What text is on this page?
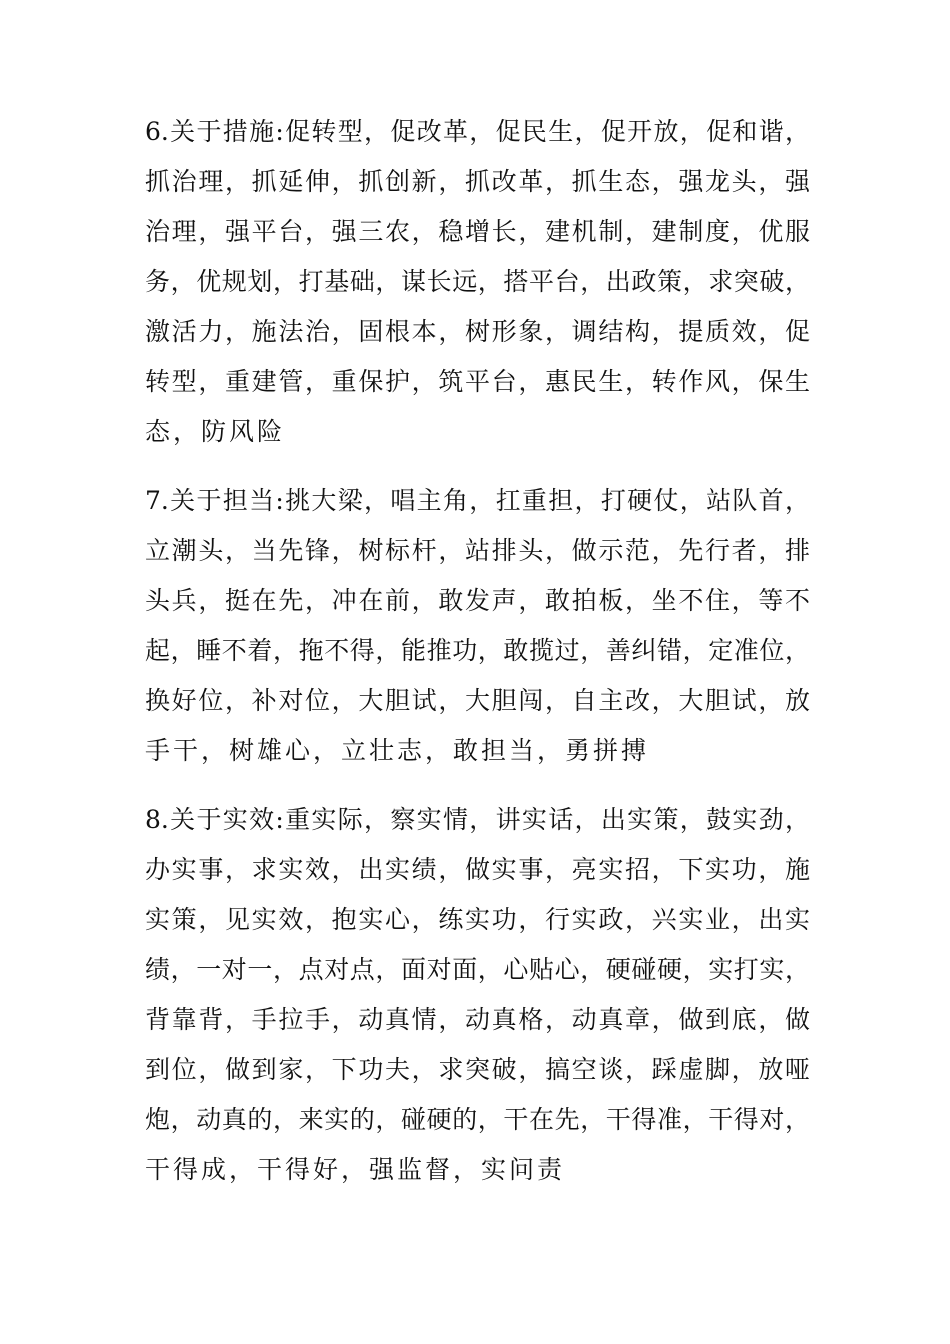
6.关于措施:促转型，促改革，促民生，促开放，促和谐，
抓治理，抓延伸，抓创新，抓改革，抓生态，强龙头，强
治理，强平台，强三农，稳增长，建机制，建制度，优服
务，优规划，打基础，谋长远，搭平台，出政策，求突破，
激活力，施法治，固根本，树形象，调结构，提质效，促
转型，重建管，重保护，筑平台，惠民生，转作风，保生
态，防风险
7.关于担当:挑大梁，唱主角，扛重担，打硬仗，站队首，
立潮头，当先锋，树标杆，站排头，做示范，先行者，排
头兵，挺在先，冲在前，敢发声，敢拍板，坐不住，等不
起，睡不着，拖不得，能推功，敢揽过，善纠错，定准位，
换好位，补对位，大胆试，大胆闯，自主改，大胆试，放
手干，树雄心，立壮志，敢担当，勇拼搏
8.关于实效:重实际，察实情，讲实话，出实策，鼓实劲，
办实事，求实效，出实绩，做实事，亮实招，下实功，施
实策，见实效，抱实心，练实功，行实政，兴实业，出实
绩，一对一，点对点，面对面，心贴心，硬碰硬，实打实，
背靠背，手拉手，动真情，动真格，动真章，做到底，做
到位，做到家，下功夫，求突破，搞空谈，踩虚脚，放哑
炮，动真的，来实的，碰硬的，干在先，干得准，干得对，
干得成，干得好，强监督，实问责
